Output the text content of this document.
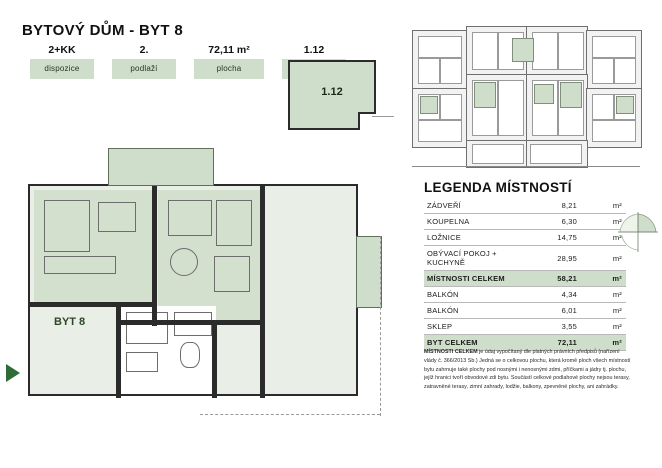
BYTOVÝ DŮM - BYT 8
2+KK
dispozice
2.
podlaží
72,11 m²
plocha
1.12
1.12
BYT 8
LEGENDA MÍSTNOSTÍ
ZÁDVEŘÍ	8,21	m²
KOUPELNA	6,30	m²
LOŽNICE	14,75	m²
OBÝVACÍ POKOJ + KUCHYNĚ	28,95	m²
MÍSTNOSTI CELKEM	58,21	m²
BALKÓN	4,34	m²
BALKÓN	6,01	m²
SKLEP	3,55	m²
BYT CELKEM	72,11	m²
MÍSTNOSTI CELKEM je údaj vypočítaný dle platných právních předpisů (nařízení vlády č. 366/2013 Sb.) Jedná se o celkovou plochu, která kromě ploch všech místností bytu zahrnuje také plochy pod nosnými i nenosnými zdmi, příčkami a jádry tj. plochu, jejíž hranici tvoří obvodové zdi bytu. Součástí celkové podlahové plochy nejsou terasy, zatravněné terasy, zimní zahrady, lodžie, balkony, zpevněné plochy, ani zahrádky.
